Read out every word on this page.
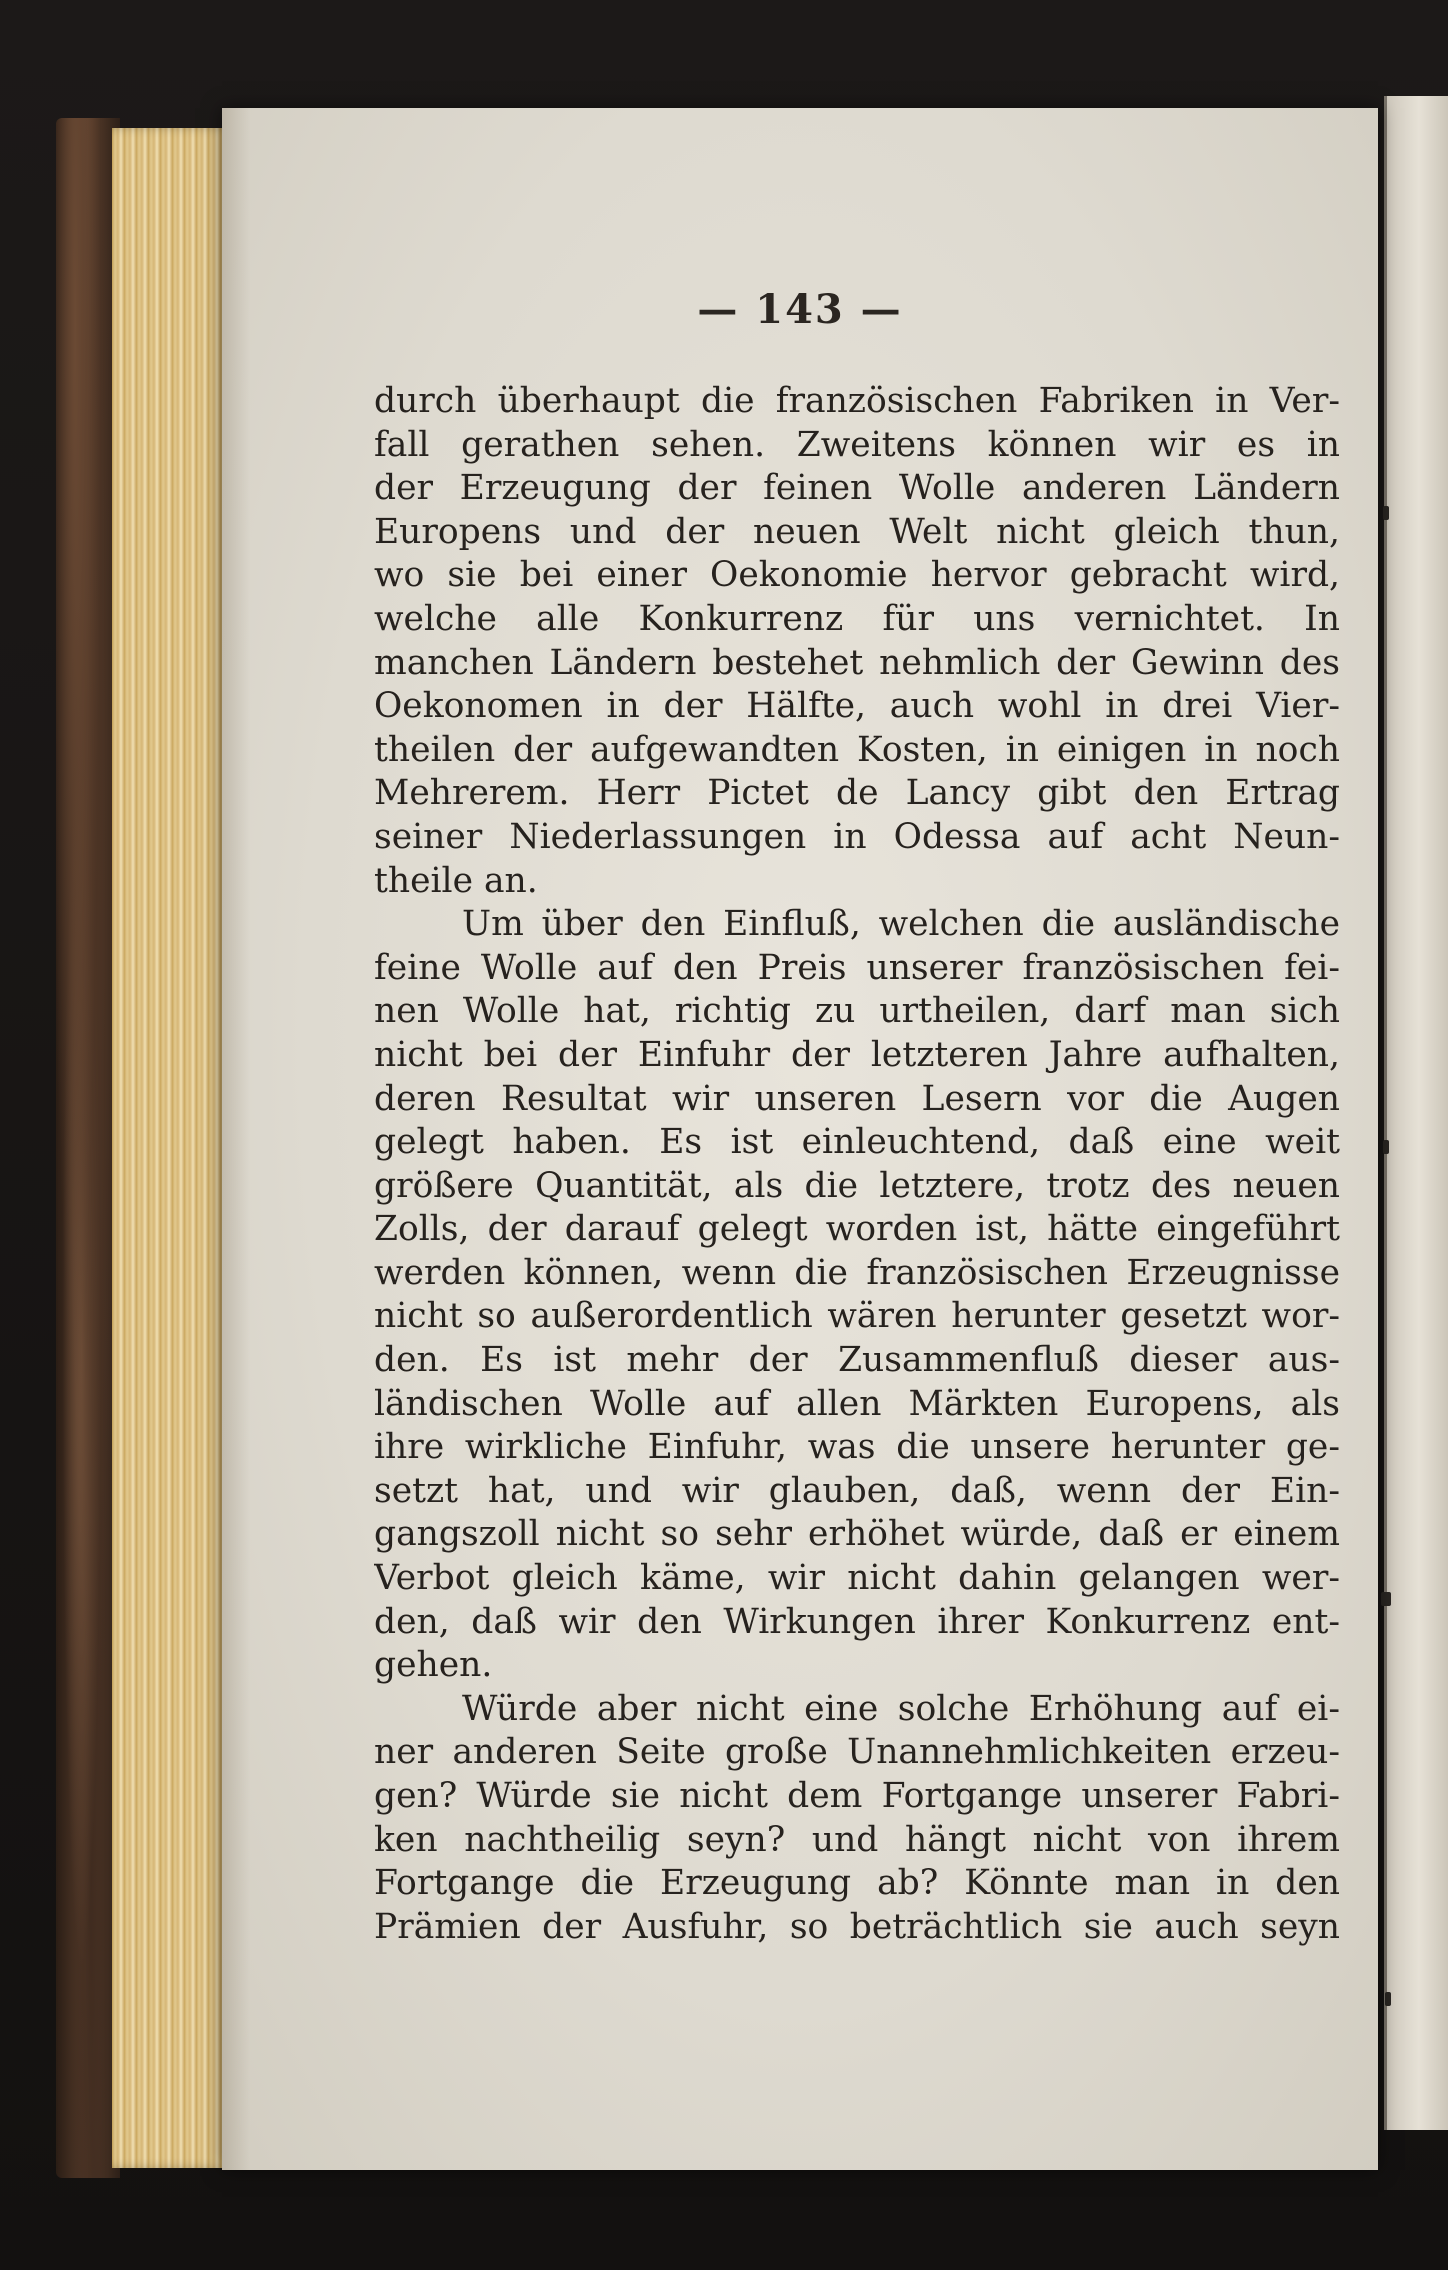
— 143 —
durch überhaupt die französischen Fabriken in Ver-
fall gerathen sehen. Zweitens können wir es in
der Erzeugung der feinen Wolle anderen Ländern
Europens und der neuen Welt nicht gleich thun,
wo sie bei einer Oekonomie hervor gebracht wird,
welche alle Konkurrenz für uns vernichtet. In
manchen Ländern bestehet nehmlich der Gewinn des
Oekonomen in der Hälfte, auch wohl in drei Vier-
theilen der aufgewandten Kosten, in einigen in noch
Mehrerem. Herr Pictet de Lancy gibt den Ertrag
seiner Niederlassungen in Odessa auf acht Neun-
theile an.
Um über den Einfluß, welchen die ausländische
feine Wolle auf den Preis unserer französischen fei-
nen Wolle hat, richtig zu urtheilen, darf man sich
nicht bei der Einfuhr der letzteren Jahre aufhalten,
deren Resultat wir unseren Lesern vor die Augen
gelegt haben. Es ist einleuchtend, daß eine weit
größere Quantität, als die letztere, trotz des neuen
Zolls, der darauf gelegt worden ist, hätte eingeführt
werden können, wenn die französischen Erzeugnisse
nicht so außerordentlich wären herunter gesetzt wor-
den. Es ist mehr der Zusammenfluß dieser aus-
ländischen Wolle auf allen Märkten Europens, als
ihre wirkliche Einfuhr, was die unsere herunter ge-
setzt hat, und wir glauben, daß, wenn der Ein-
gangszoll nicht so sehr erhöhet würde, daß er einem
Verbot gleich käme, wir nicht dahin gelangen wer-
den, daß wir den Wirkungen ihrer Konkurrenz ent-
gehen.
Würde aber nicht eine solche Erhöhung auf ei-
ner anderen Seite große Unannehmlichkeiten erzeu-
gen? Würde sie nicht dem Fortgange unserer Fabri-
ken nachtheilig seyn? und hängt nicht von ihrem
Fortgange die Erzeugung ab? Könnte man in den
Prämien der Ausfuhr, so beträchtlich sie auch seyn
